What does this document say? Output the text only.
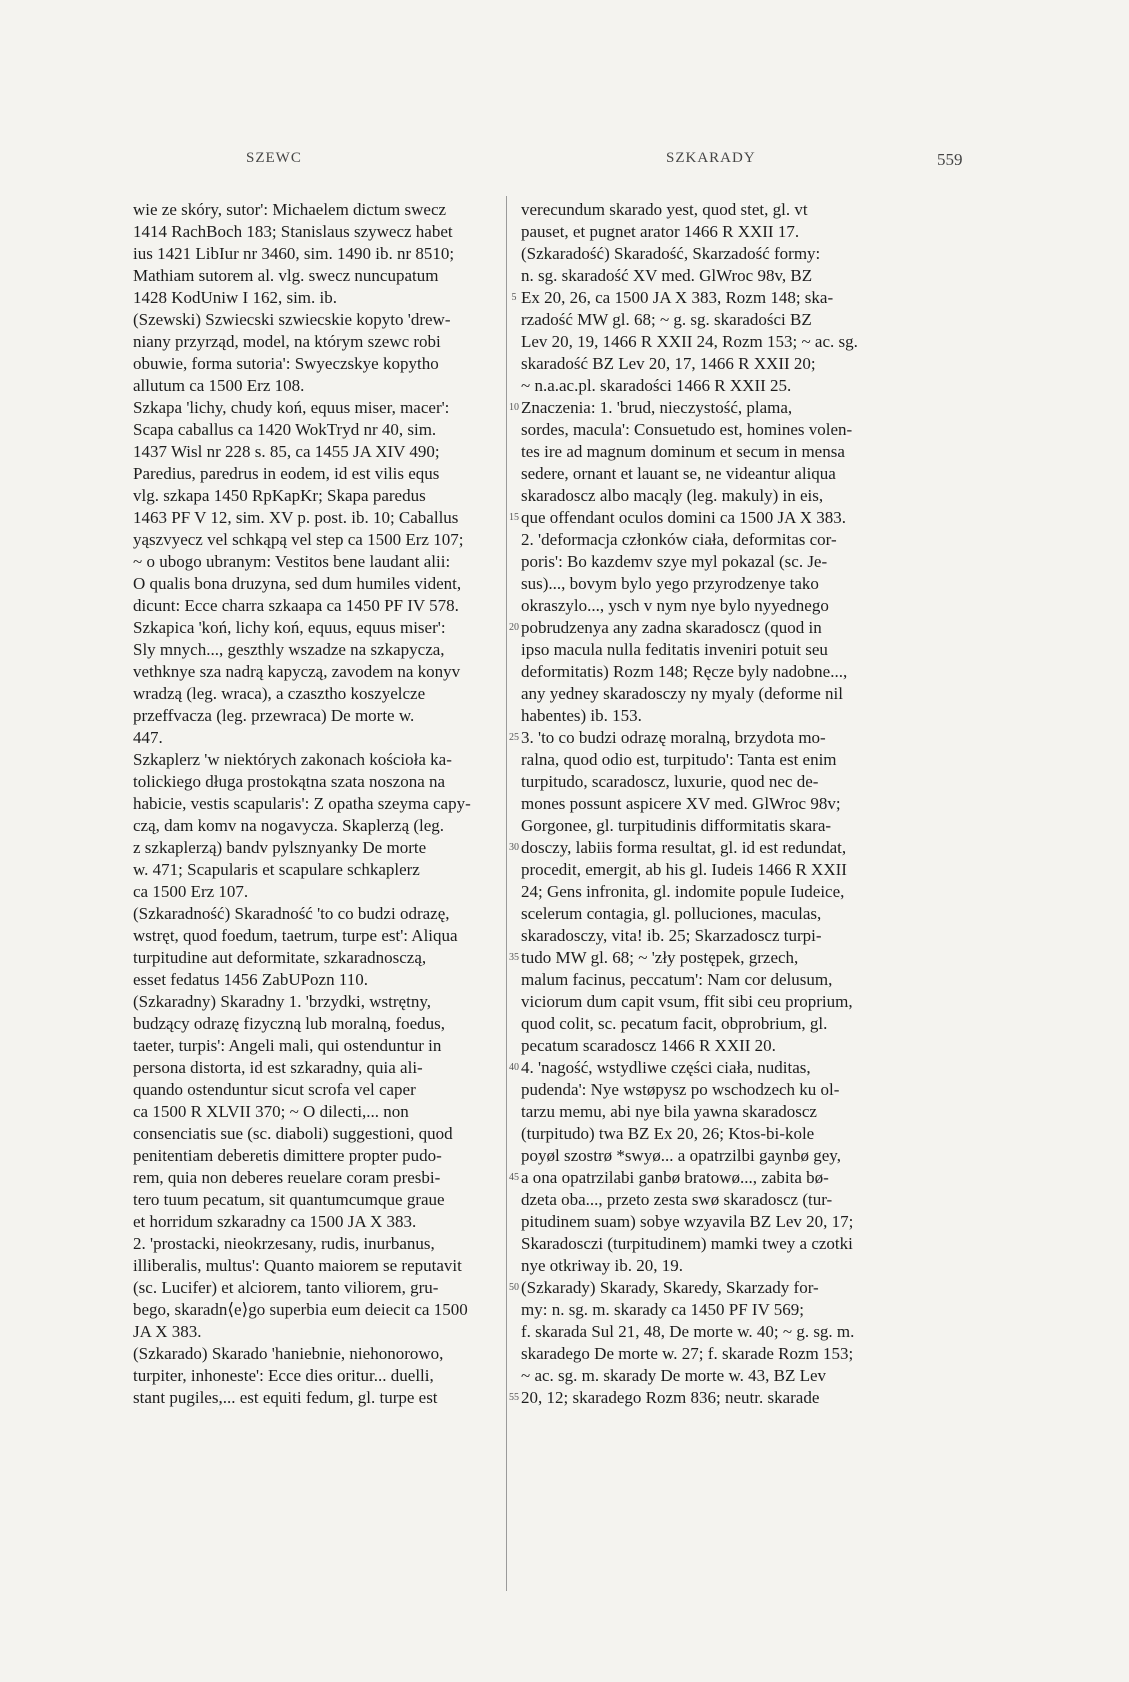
SZEWC	SZKARADY	559
wie ze skóry, sutor': Michaelem dictum swecz
1414 RachBoch 183; Stanislaus szywecz habet
ius 1421 LibIur nr 3460, sim. 1490 ib. nr 8510;
Mathiam sutorem al. vlg. swecz nuncupatum
1428 KodUniw I 162, sim. ib.
(Szewski) Szwiecski szwiecskie kopyto 'drew-
niany przyrząd, model, na którym szewc robi
obuwie, forma sutoria': Swyeczskye kopytho
allutum ca 1500 Erz 108.
Szkapa 'lichy, chudy koń, equus miser, macer':
Scapa caballus ca 1420 WokTryd nr 40, sim.
1437 Wisl nr 228 s. 85, ca 1455 JA XIV 490;
Paredius, paredrus in eodem, id est vilis equs
vlg. szkapa 1450 RpKapKr; Skapa paredus
1463 PF V 12, sim. XV p. post. ib. 10; Caballus
yąszvyecz vel schkąpą vel step ca 1500 Erz 107;
~ o ubogo ubranym: Vestitos bene laudant alii:
O qualis bona druzyna, sed dum humiles vident,
dicunt: Ecce charra szkaapa ca 1450 PF IV 578.
Szkapica 'koń, lichy koń, equus, equus miser':
Sly mnych..., geszthly wszadze na szkapycza,
vethknye sza nadrą kapyczą, zavodem na konyv
wradzą (leg. wraca), a czasztho koszyelcze
przeffvacza (leg. przewraca) De morte w.
447.
Szkaplerz 'w niektórych zakonach kościoła ka-
tolickiego długa prostokątna szata noszona na
habicie, vestis scapularis': Z opatha szeyma capy-
czą, dam komv na nogavycza. Skaplerzą (leg.
z szkaplerzą) bandv pylsznyanky De morte
w. 471; Scapularis et scapulare schkaplerz
ca 1500 Erz 107.
(Szkaradność) Skaradność 'to co budzi odrazę,
wstręt, quod foedum, taetrum, turpe est': Aliqua
turpitudine aut deformitate, szkaradnosczą,
esset fedatus 1456 ZabUPozn 110.
(Szkaradny) Skaradny 1. 'brzydki, wstrętny,
budzący odrazę fizyczną lub moralną, foedus,
taeter, turpis': Angeli mali, qui ostenduntur in
persona distorta, id est szkaradny, quia ali-
quando ostenduntur sicut scrofa vel caper
ca 1500 R XLVII 370; ~ O dilecti,... non
consenciatis sue (sc. diaboli) suggestioni, quod
penitentiam deberetis dimittere propter pudo-
rem, quia non deberes reuelare coram presbi-
tero tuum pecatum, sit quantumcumque graue
et horridum szkaradny ca 1500 JA X 383.
2. 'prostacki, nieokrzesany, rudis, inurbanus,
illiberalis, multus': Quanto maiorem se reputavit
(sc. Lucifer) et alciorem, tanto viliorem, gru-
bego, skaradn⟨e⟩go superbia eum deiecit ca 1500
JA X 383.
(Szkarado) Skarado 'haniebnie, niehonorowo,
turpiter, inhoneste': Ecce dies oritur... duelli,
stant pugiles,... est equiti fedum, gl. turpe est
5
10
15
20
25
30
35
40
45
50
55
verecundum skarado yest, quod stet, gl. vt
pauset, et pugnet arator 1466 R XXII 17.
(Szkaradość) Skaradość, Skarzadość formy:
n. sg. skaradość XV med. GlWroc 98v, BZ
Ex 20, 26, ca 1500 JA X 383, Rozm 148; ska-
rzadość MW gl. 68; ~ g. sg. skaradości BZ
Lev 20, 19, 1466 R XXII 24, Rozm 153; ~ ac. sg.
skaradość BZ Lev 20, 17, 1466 R XXII 20;
~ n.a.ac.pl. skaradości 1466 R XXII 25.
Znaczenia: 1. 'brud, nieczystość, plama,
sordes, macula': Consuetudo est, homines volen-
tes ire ad magnum dominum et secum in mensa
sedere, ornant et lauant se, ne videantur aliqua
skaradoscz albo macąly (leg. makuly) in eis,
que offendant oculos domini ca 1500 JA X 383.
2. 'deformacja członków ciała, deformitas cor-
poris': Bo kazdemv szye myl pokazal (sc. Je-
sus)..., bovym bylo yego przyrodzenye tako
okraszylo..., ysch v nym nye bylo nyyednego
pobrudzenya any zadna skaradoscz (quod in
ipso macula nulla feditatis inveniri potuit seu
deformitatis) Rozm 148; Ręcze byly nadobne...,
any yedney skaradosczy ny myaly (deforme nil
habentes) ib. 153.
3. 'to co budzi odrazę moralną, brzydota mo-
ralna, quod odio est, turpitudo': Tanta est enim
turpitudo, scaradoscz, luxurie, quod nec de-
mones possunt aspicere XV med. GlWroc 98v;
Gorgonee, gl. turpitudinis difformitatis skara-
dosczy, labiis forma resultat, gl. id est redundat,
procedit, emergit, ab his gl. Iudeis 1466 R XXII
24; Gens infronita, gl. indomite popule Iudeice,
scelerum contagia, gl. polluciones, maculas,
skaradosczy, vita! ib. 25; Skarzadoscz turpi-
tudo MW gl. 68; ~ 'zły postępek, grzech,
malum facinus, peccatum': Nam cor delusum,
viciorum dum capit vsum, ffit sibi ceu proprium,
quod colit, sc. pecatum facit, obprobrium, gl.
pecatum scaradoscz 1466 R XXII 20.
4. 'nagość, wstydliwe części ciała, nuditas,
pudenda': Nye wstøpysz po wschodzech ku ol-
tarzu memu, abi nye bila yawna skaradoscz
(turpitudo) twa BZ Ex 20, 26; Ktos-bi-kole
poyøl szostrø *swyø... a opatrzilbi gaynbø gey,
a ona opatrzilabi ganbø bratowø..., zabita bø-
dzeta oba..., przeto zesta swø skaradoscz (tur-
pitudinem suam) sobye wzyavila BZ Lev 20, 17;
Skaradosczi (turpitudinem) mamki twey a czotki
nye otkriway ib. 20, 19.
(Szkarady) Skarady, Skaredy, Skarzady for-
my: n. sg. m. skarady ca 1450 PF IV 569;
f. skarada Sul 21, 48, De morte w. 40; ~ g. sg. m.
skaradego De morte w. 27; f. skarade Rozm 153;
~ ac. sg. m. skarady De morte w. 43, BZ Lev
20, 12; skaradego Rozm 836; neutr. skarade
